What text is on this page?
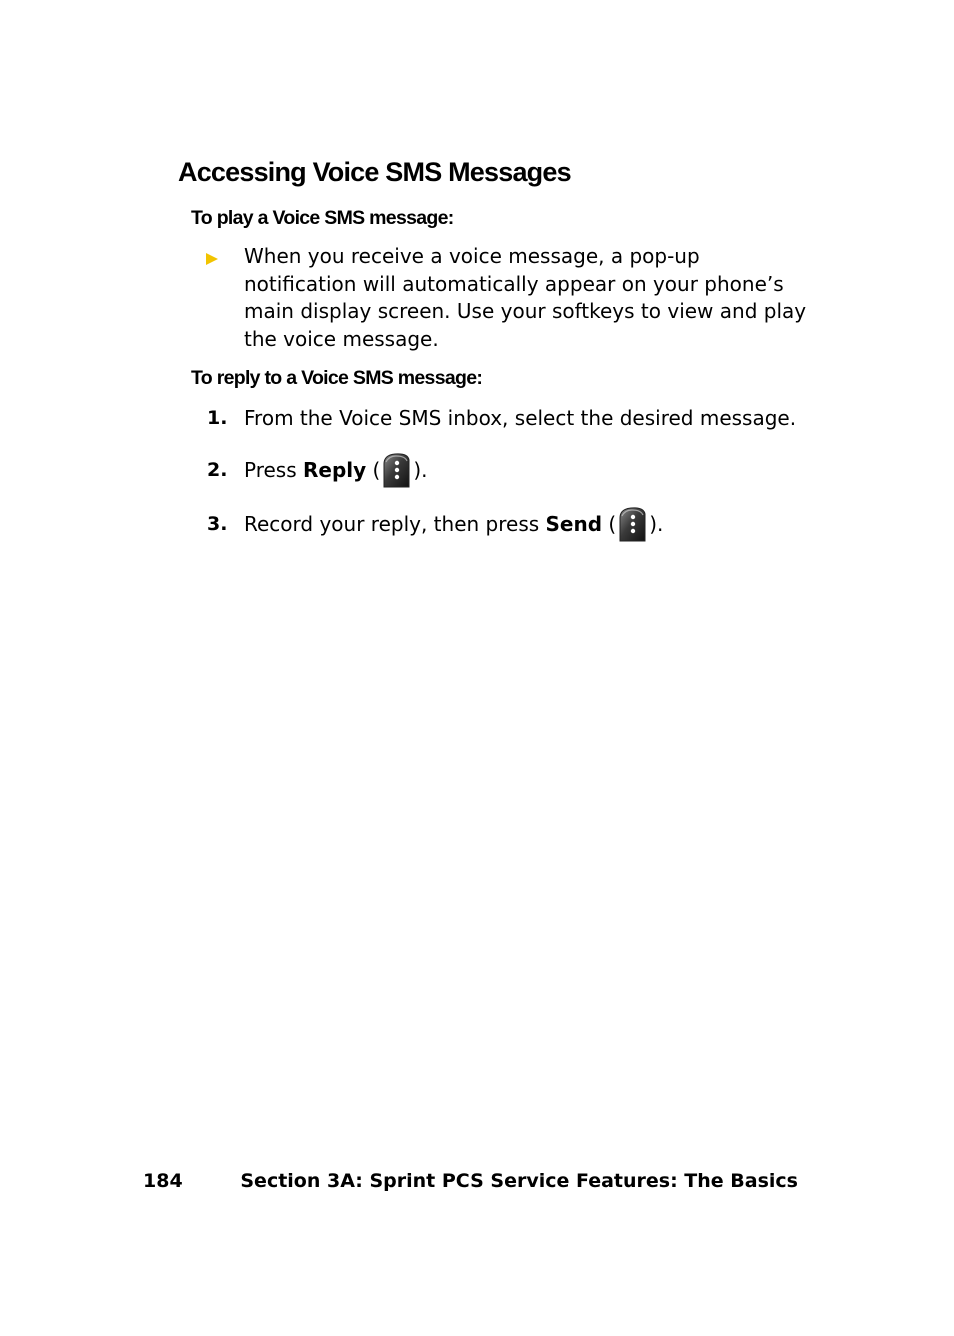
Accessing Voice SMS Messages
To play a Voice SMS message:

When you receive a voice message, a pop-up
notification will automatically appear on your phone’s
main display screen. Use your softkeys to view and play
the voice message.

To reply to a Voice SMS message:
1. From the Voice SMS inbox, select the desired message.
2. Press Reply ( ).
3. Record your reply, then press Send ( ).
184	Section 3A: Sprint PCS Service Features: The Basics
